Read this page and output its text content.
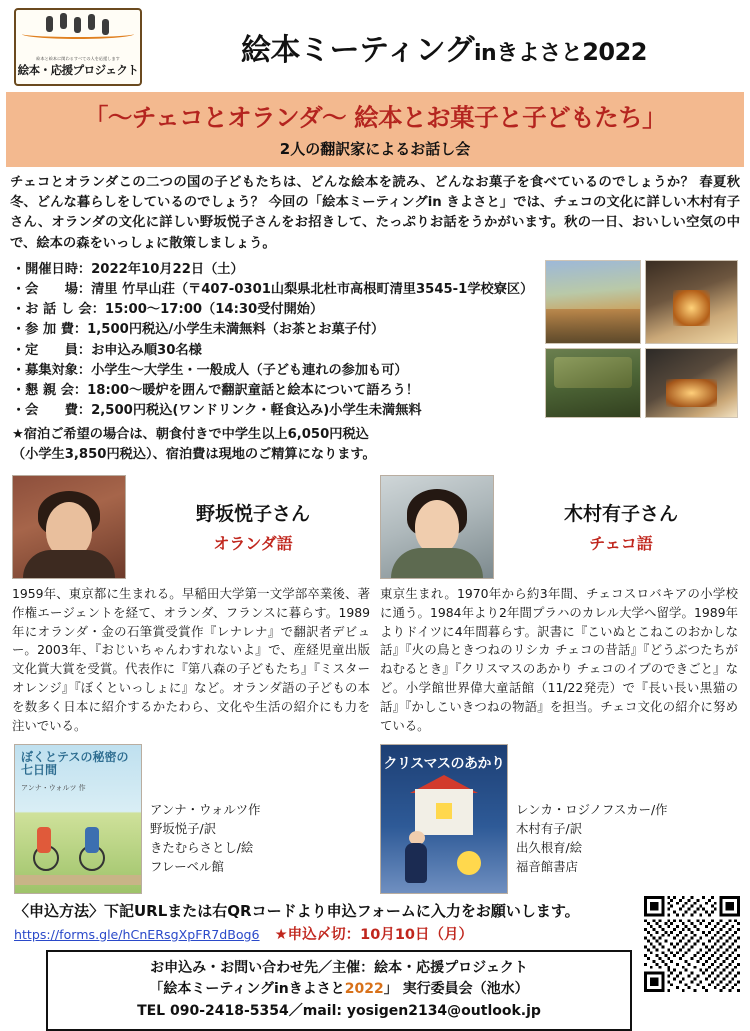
絵本と絵本に関わるすべての人を応援します
絵本・応援プロジェクト
絵本ミーティングinきよさと2022
「〜チェコとオランダ〜 絵本とお菓子と子どもたち」
2人の翻訳家によるお話し会
チェコとオランダこの二つの国の子どもたちは、どんな絵本を読み、どんなお菓子を食べているのでしょうか？ 春夏秋冬、どんな暮らしをしているのでしょう？ 今回の「絵本ミーティングin きよさと」では、チェコの文化に詳しい木村有子さん、オランダの文化に詳しい野坂悦子さんをお招きして、たっぷりお話をうかがいます。秋の一日、おいしい空気の中で、絵本の森をいっしょに散策しましょう。
・開催日時：2022年10月22日（土）
・会　　場：清里 竹早山荘（〒407-0301山梨県北杜市高根町清里3545-1学校寮区）
・お 話 し 会：15:00〜17:00（14:30受付開始）
・参 加 費：1,500円税込/小学生未満無料（お茶とお菓子付）
・定　　員：お申込み順30名様
・募集対象：小学生〜大学生・一般成人（子ども連れの参加も可）
・懇 親 会：18:00〜暖炉を囲んで翻訳童話と絵本について語ろう！
・会　　費：2,500円税込(ワンドリンク・軽食込み)小学生未満無料
★宿泊ご希望の場合は、朝食付きで中学生以上6,050円税込
（小学生3,850円税込）、宿泊費は現地のご精算になります。
野坂悦子さん
オランダ語
1959年、東京都に生まれる。早稲田大学第一文学部卒業後、著作権エージェントを経て、オランダ、フランスに暮らす。1989年にオランダ・金の石筆賞受賞作『レナレナ』で翻訳者デビュー。2003年、『おじいちゃんわすれないよ』で、産経児童出版文化賞大賞を受賞。代表作に『第八森の子どもたち』『ミスターオレンジ』『ぼくといっしょに』など。オランダ語の子どもの本を数多く日本に紹介するかたわら、文化や生活の紹介にも力を注いでいる。
木村有子さん
チェコ語
東京生まれ。1970年から約3年間、チェコスロバキアの小学校に通う。1984年より2年間プラハのカレル大学へ留学。1989年よりドイツに4年間暮らす。訳書に『こいぬとこねこのおかしな話』『火の鳥ときつねのリシカ チェコの昔話』『どうぶつたちがねむるとき』『クリスマスのあかり チェコのイブのできごと』など。小学館世界偉大童話館（11/22発売）で『長い長い黒猫の話』『かしこいきつねの物語』を担当。チェコ文化の紹介に努めている。
ぼくとテスの秘密の七日間
アンナ・ウォルツ 作
アンナ・ウォルツ作
野坂悦子/訳
きたむらさとし/絵
フレーベル館
クリスマスのあかり
レンカ・ロジノフスカー/作
木村有子/訳
出久根育/絵
福音館書店
〈申込方法〉下記URLまたは右QRコードより申込フォームに入力をお願いします。
https://forms.gle/hCnERsgXpFR7dBog6 ★申込〆切：10月10日（月）
お申込み・お問い合わせ先／主催：絵本・応援プロジェクト
「絵本ミーティングinきよさと2022」 実行委員会（池水）
TEL 090-2418-5354／mail: yosigen2134@outlook.jp
